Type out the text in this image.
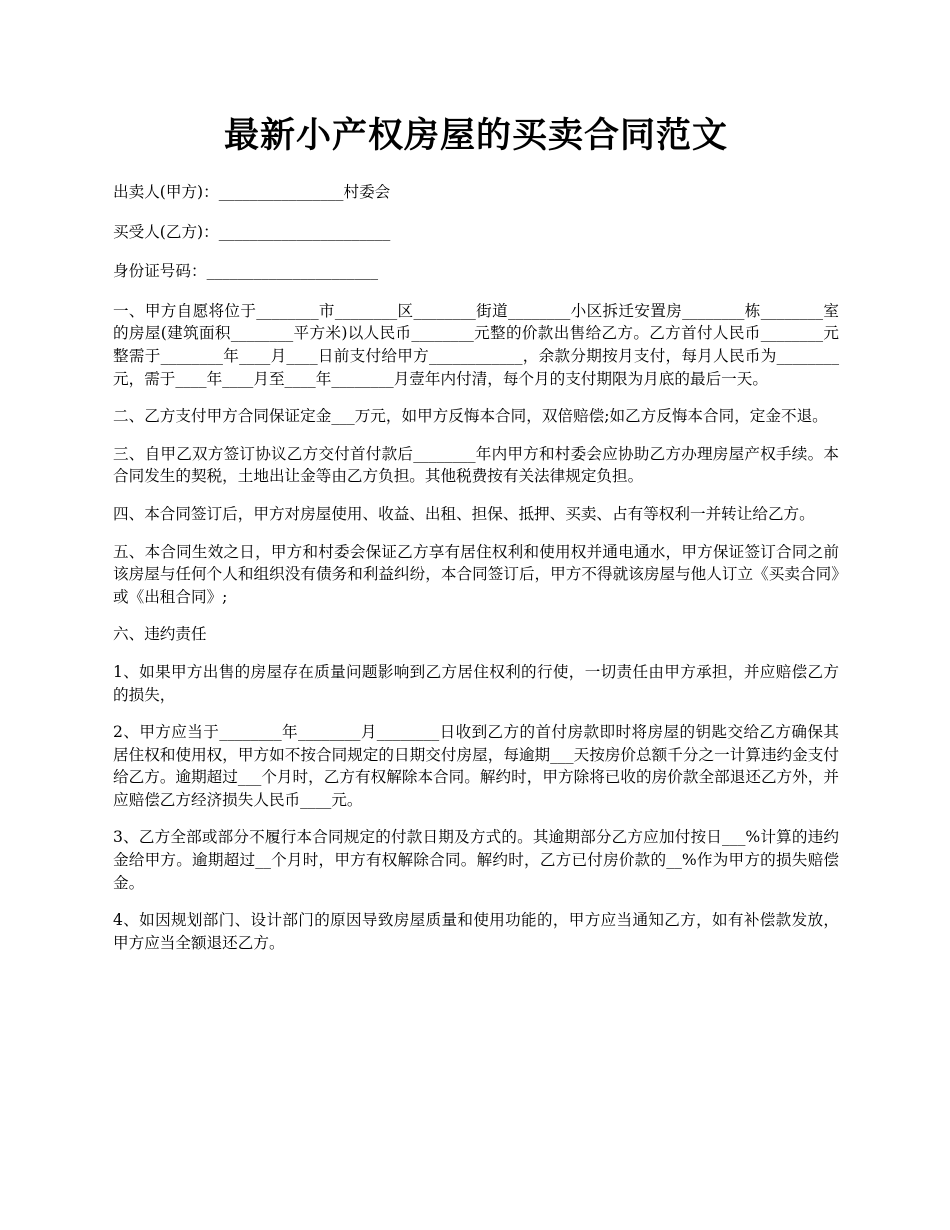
最新小产权房屋的买卖合同范文

出卖人(甲方)：________________村委会

买受人(乙方)：______________________

身份证号码：______________________

一、甲方自愿将位于________市________区________街道________小区拆迁安置房________栋________室的房屋(建筑面积________平方米)以人民币________元整的价款出售给乙方。乙方首付人民币________元整需于________年____月____日前支付给甲方____________，余款分期按月支付，每月人民币为________元，需于____年____月至____年________月壹年内付清，每个月的支付期限为月底的最后一天。

二、乙方支付甲方合同保证定金___万元，如甲方反悔本合同，双倍赔偿;如乙方反悔本合同，定金不退。

三、自甲乙双方签订协议乙方交付首付款后________年内甲方和村委会应协助乙方办理房屋产权手续。本合同发生的契税，土地出让金等由乙方负担。其他税费按有关法律规定负担。

四、本合同签订后，甲方对房屋使用、收益、出租、担保、抵押、买卖、占有等权利一并转让给乙方。

五、本合同生效之日，甲方和村委会保证乙方享有居住权利和使用权并通电通水，甲方保证签订合同之前该房屋与任何个人和组织没有债务和利益纠纷，本合同签订后，甲方不得就该房屋与他人订立《买卖合同》或《出租合同》;

六、违约责任

1、如果甲方出售的房屋存在质量问题影响到乙方居住权利的行使，一切责任由甲方承担，并应赔偿乙方的损失，

2、甲方应当于________年________月________日收到乙方的首付房款即时将房屋的钥匙交给乙方确保其居住权和使用权，甲方如不按合同规定的日期交付房屋，每逾期___天按房价总额千分之一计算违约金支付给乙方。逾期超过___个月时，乙方有权解除本合同。解约时，甲方除将已收的房价款全部退还乙方外，并应赔偿乙方经济损失人民币____元。

3、乙方全部或部分不履行本合同规定的付款日期及方式的。其逾期部分乙方应加付按日___%计算的违约金给甲方。逾期超过__个月时，甲方有权解除合同。解约时，乙方已付房价款的__%作为甲方的损失赔偿金。

4、如因规划部门、设计部门的原因导致房屋质量和使用功能的，甲方应当通知乙方，如有补偿款发放，甲方应当全额退还乙方。
